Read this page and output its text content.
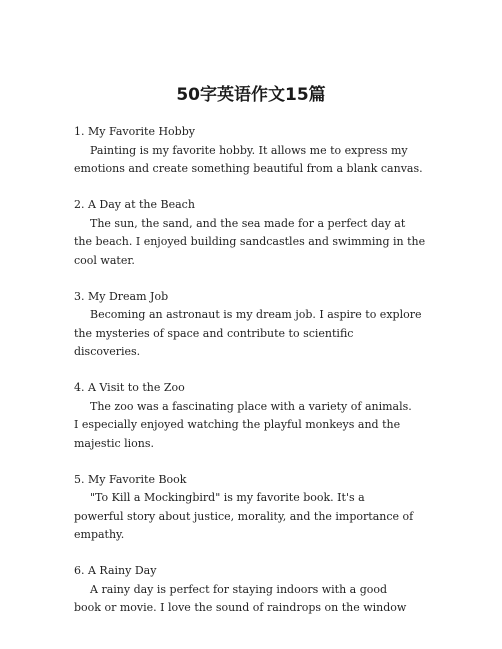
50字英语作文15篇
1. My Favorite Hobby
Painting is my favorite hobby. It allows me to express my
emotions and create something beautiful from a blank canvas.
2. A Day at the Beach
The sun, the sand, and the sea made for a perfect day at
the beach. I enjoyed building sandcastles and swimming in the
cool water.
3. My Dream Job
Becoming an astronaut is my dream job. I aspire to explore
the mysteries of space and contribute to scientific
discoveries.
4. A Visit to the Zoo
The zoo was a fascinating place with a variety of animals.
I especially enjoyed watching the playful monkeys and the
majestic lions.
5. My Favorite Book
"To Kill a Mockingbird" is my favorite book. It's a
powerful story about justice, morality, and the importance of
empathy.
6. A Rainy Day
A rainy day is perfect for staying indoors with a good
book or movie. I love the sound of raindrops on the window
